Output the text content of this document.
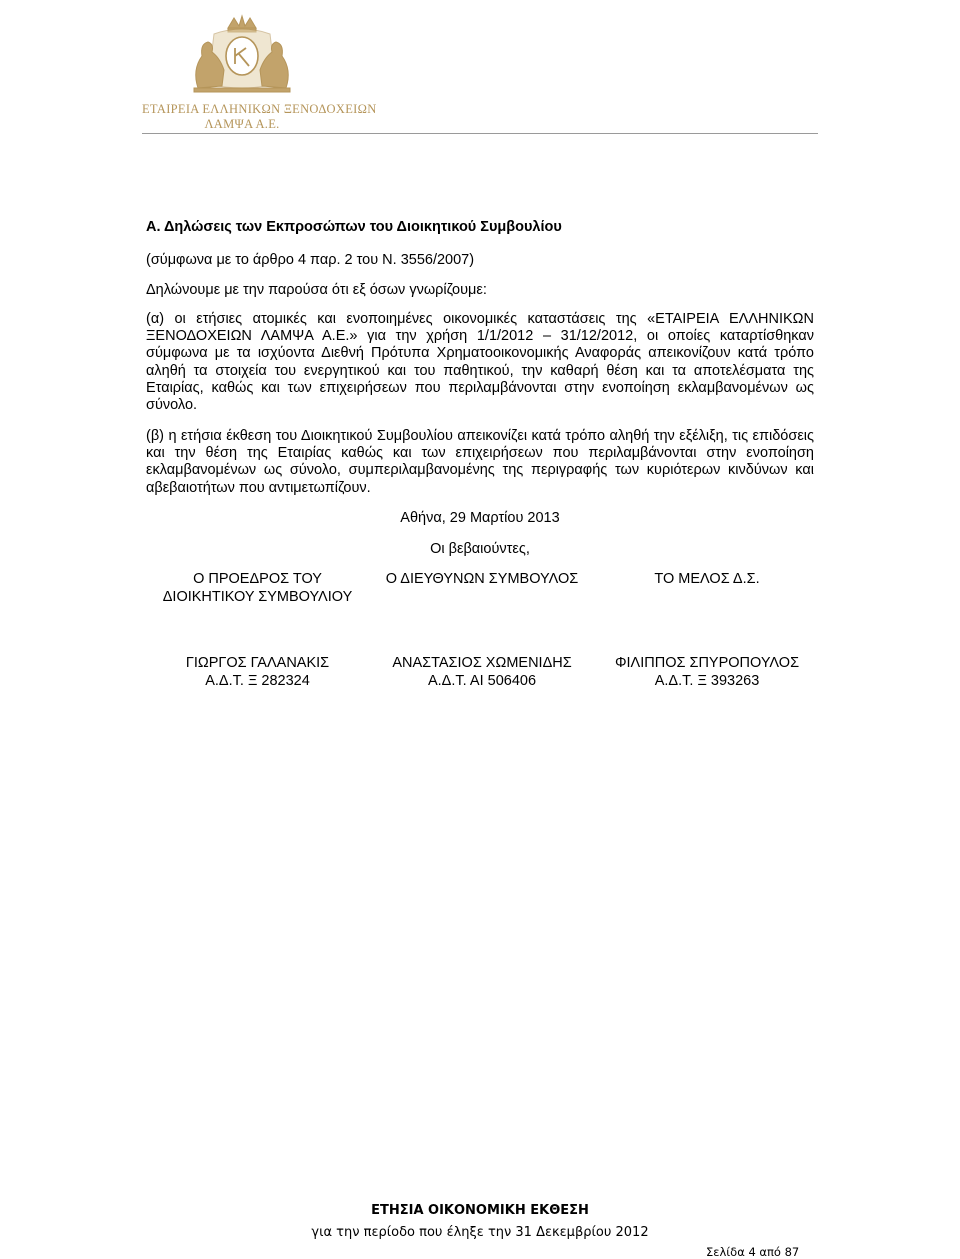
ΕΤΑΙΡΕΙΑ ΕΛΛΗΝΙΚΩΝ ΞΕΝΟΔΟΧΕΙΩΝ
ΛΑΜΨΑ Α.Ε.
Α. Δηλώσεις των Εκπροσώπων του Διοικητικού Συμβουλίου
(σύμφωνα με το άρθρο 4 παρ. 2 του Ν. 3556/2007)
Δηλώνουμε με την παρούσα ότι εξ όσων γνωρίζουμε:

(α) οι ετήσιες ατομικές και ενοποιημένες οικονομικές καταστάσεις της «ΕΤΑΙΡΕΙΑ ΕΛΛΗΝΙΚΩΝ ΞΕΝΟΔΟΧΕΙΩΝ ΛΑΜΨΑ Α.Ε.» για την χρήση 1/1/2012 – 31/12/2012, οι οποίες καταρτίσθηκαν σύμφωνα με τα ισχύοντα Διεθνή Πρότυπα Χρηματοοικονομικής Αναφοράς απεικονίζουν κατά τρόπο αληθή τα στοιχεία του ενεργητικού και του παθητικού, την καθαρή θέση και τα αποτελέσματα της Εταιρίας, καθώς και των επιχειρήσεων που περιλαμβάνονται στην ενοποίηση εκλαμβανομένων ως σύνολο.

(β) η ετήσια έκθεση του Διοικητικού Συμβουλίου απεικονίζει κατά τρόπο αληθή την εξέλιξη, τις επιδόσεις και την θέση της Εταιρίας καθώς και των επιχειρήσεων που περιλαμβάνονται στην ενοποίηση εκλαμβανομένων ως σύνολο, συμπεριλαμβανομένης της περιγραφής των κυριότερων κινδύνων και αβεβαιοτήτων που αντιμετωπίζουν.

Αθήνα, 29 Μαρτίου 2013
Οι βεβαιούντες,
Ο ΠΡΟΕΔΡΟΣ ΤΟΥ
ΔΙΟΙΚΗΤΙΚΟΥ ΣΥΜΒΟΥΛΙΟΥ
Ο ΔΙΕΥΘΥΝΩΝ ΣΥΜΒΟΥΛΟΣ	ΤΟ ΜΕΛΟΣ Δ.Σ.
ΓΙΩΡΓΟΣ ΓΑΛΑΝΑΚΙΣ
Α.Δ.Τ. Ξ 282324
ΑΝΑΣΤΑΣΙΟΣ ΧΩΜΕΝΙΔΗΣ
Α.Δ.Τ. ΑΙ 506406
ΦΙΛΙΠΠΟΣ ΣΠΥΡΟΠΟΥΛΟΣ
Α.Δ.Τ. Ξ 393263
ΕΤΗΣΙΑ ΟΙΚΟΝΟΜΙΚΗ ΕΚΘΕΣΗ
για την περίοδο που έληξε την 31 Δεκεμβρίου 2012
Σελίδα 4 από 87
